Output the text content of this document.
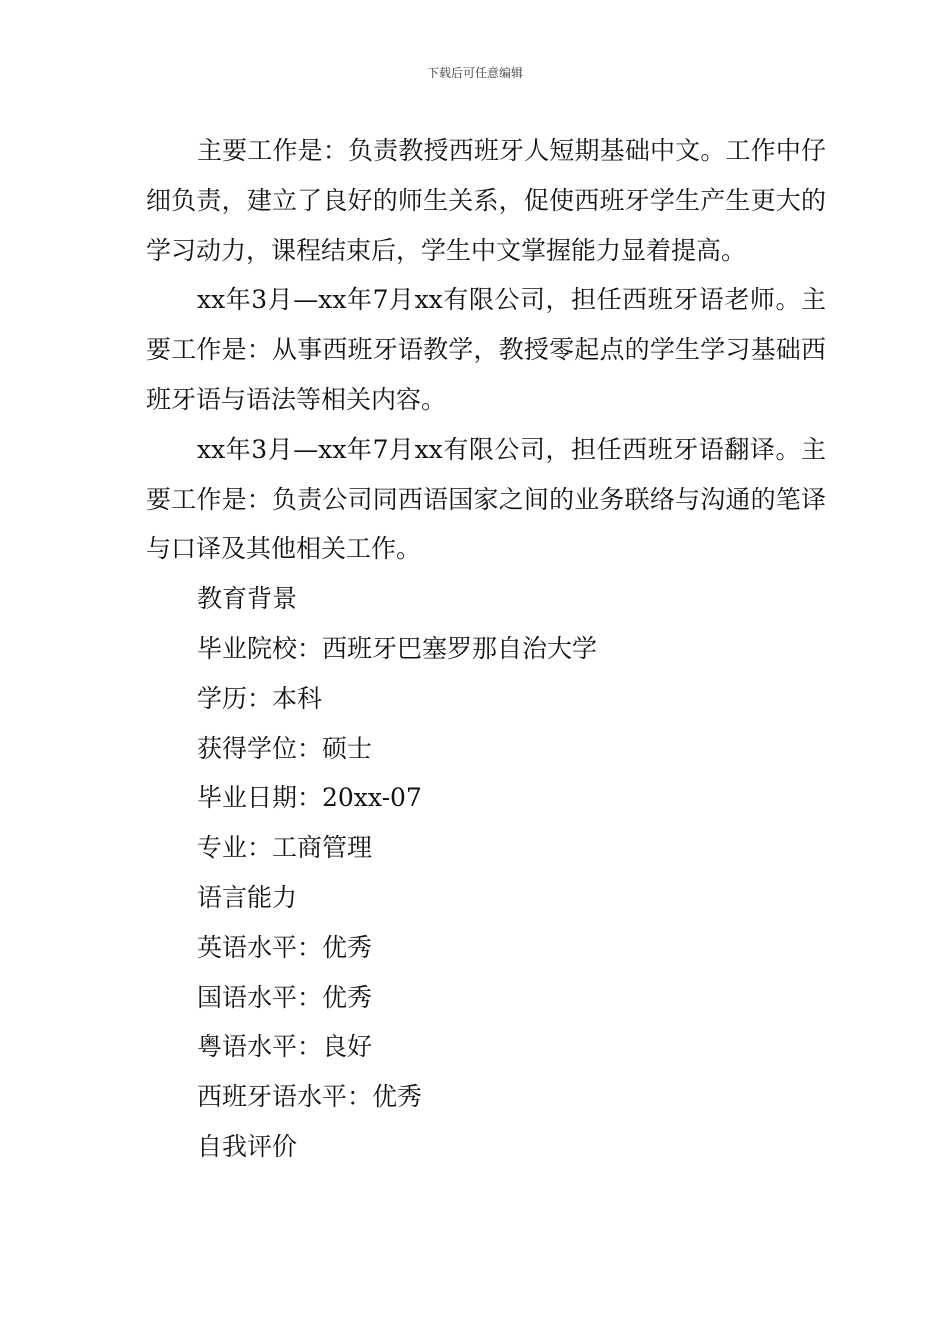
下载后可任意编辑

主要工作是：负责教授西班牙人短期基础中文。工作中仔细负责，建立了良好的师生关系，促使西班牙学生产生更大的学习动力，课程结束后，学生中文掌握能力显着提高。

xx年3月—xx年7月xx有限公司，担任西班牙语老师。主要工作是：从事西班牙语教学，教授零起点的学生学习基础西班牙语与语法等相关内容。

xx年3月—xx年7月xx有限公司，担任西班牙语翻译。主要工作是：负责公司同西语国家之间的业务联络与沟通的笔译与口译及其他相关工作。

教育背景

毕业院校：西班牙巴塞罗那自治大学

学历：本科

获得学位：硕士

毕业日期：20xx-07

专业：工商管理

语言能力

英语水平：优秀

国语水平：优秀

粤语水平：良好

西班牙语水平：优秀

自我评价
